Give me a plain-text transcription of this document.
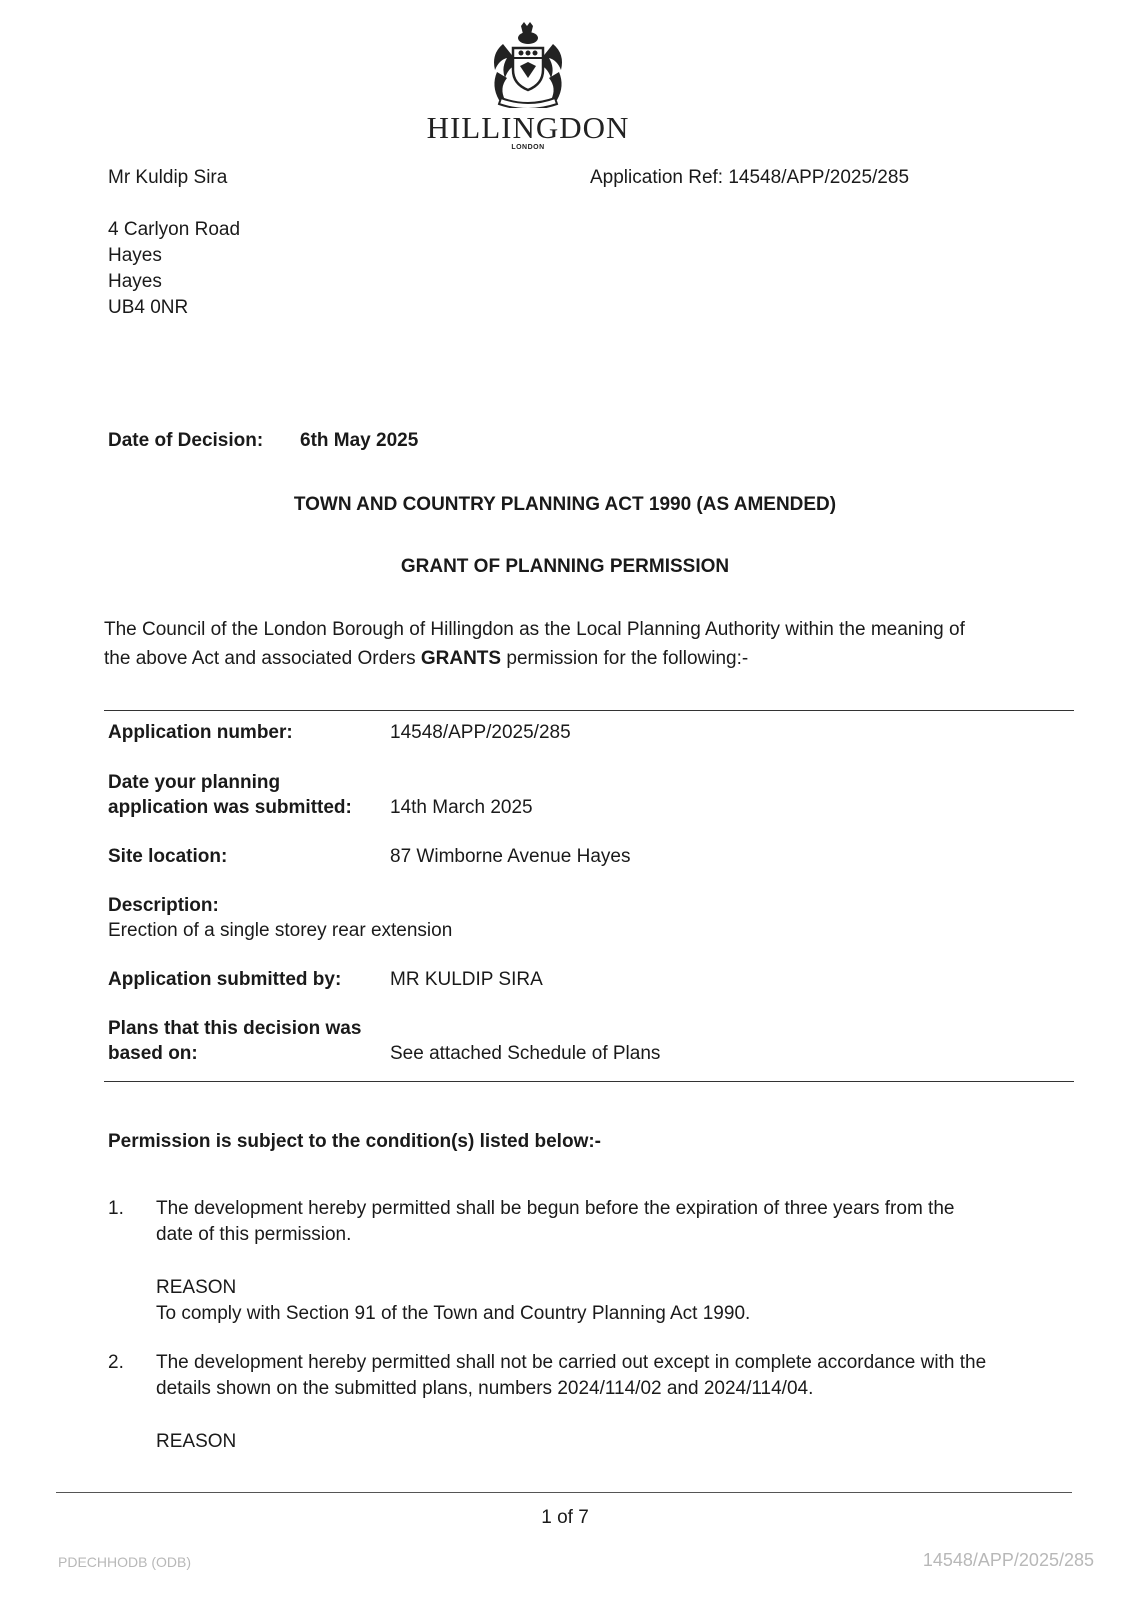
HILLINGDON
LONDON
Mr Kuldip Sira	Application Ref: 14548/APP/2025/285
4 Carlyon Road
Hayes
Hayes
UB4 0NR
Date of Decision: 6th May 2025
TOWN AND COUNTRY PLANNING ACT 1990 (AS AMENDED)
GRANT OF PLANNING PERMISSION
The Council of the London Borough of Hillingdon as the Local Planning Authority within the meaning of
the above Act and associated Orders GRANTS permission for the following:-
Application number:	14548/APP/2025/285
Date your planning
application was submitted: 14th March 2025
Site location:	87 Wimborne Avenue Hayes
Description:
Erection of a single storey rear extension
Application submitted by:	MR KULDIP SIRA
Plans that this decision was
based on:	See attached Schedule of Plans
Permission is subject to the condition(s) listed below:-
1. The development hereby permitted shall be begun before the expiration of three years from the
date of this permission.
REASON
To comply with Section 91 of the Town and Country Planning Act 1990.
2. The development hereby permitted shall not be carried out except in complete accordance with the
details shown on the submitted plans, numbers 2024/114/02 and 2024/114/04.
REASON
1 of 7
PDECHHODB (ODB)	14548/APP/2025/285
